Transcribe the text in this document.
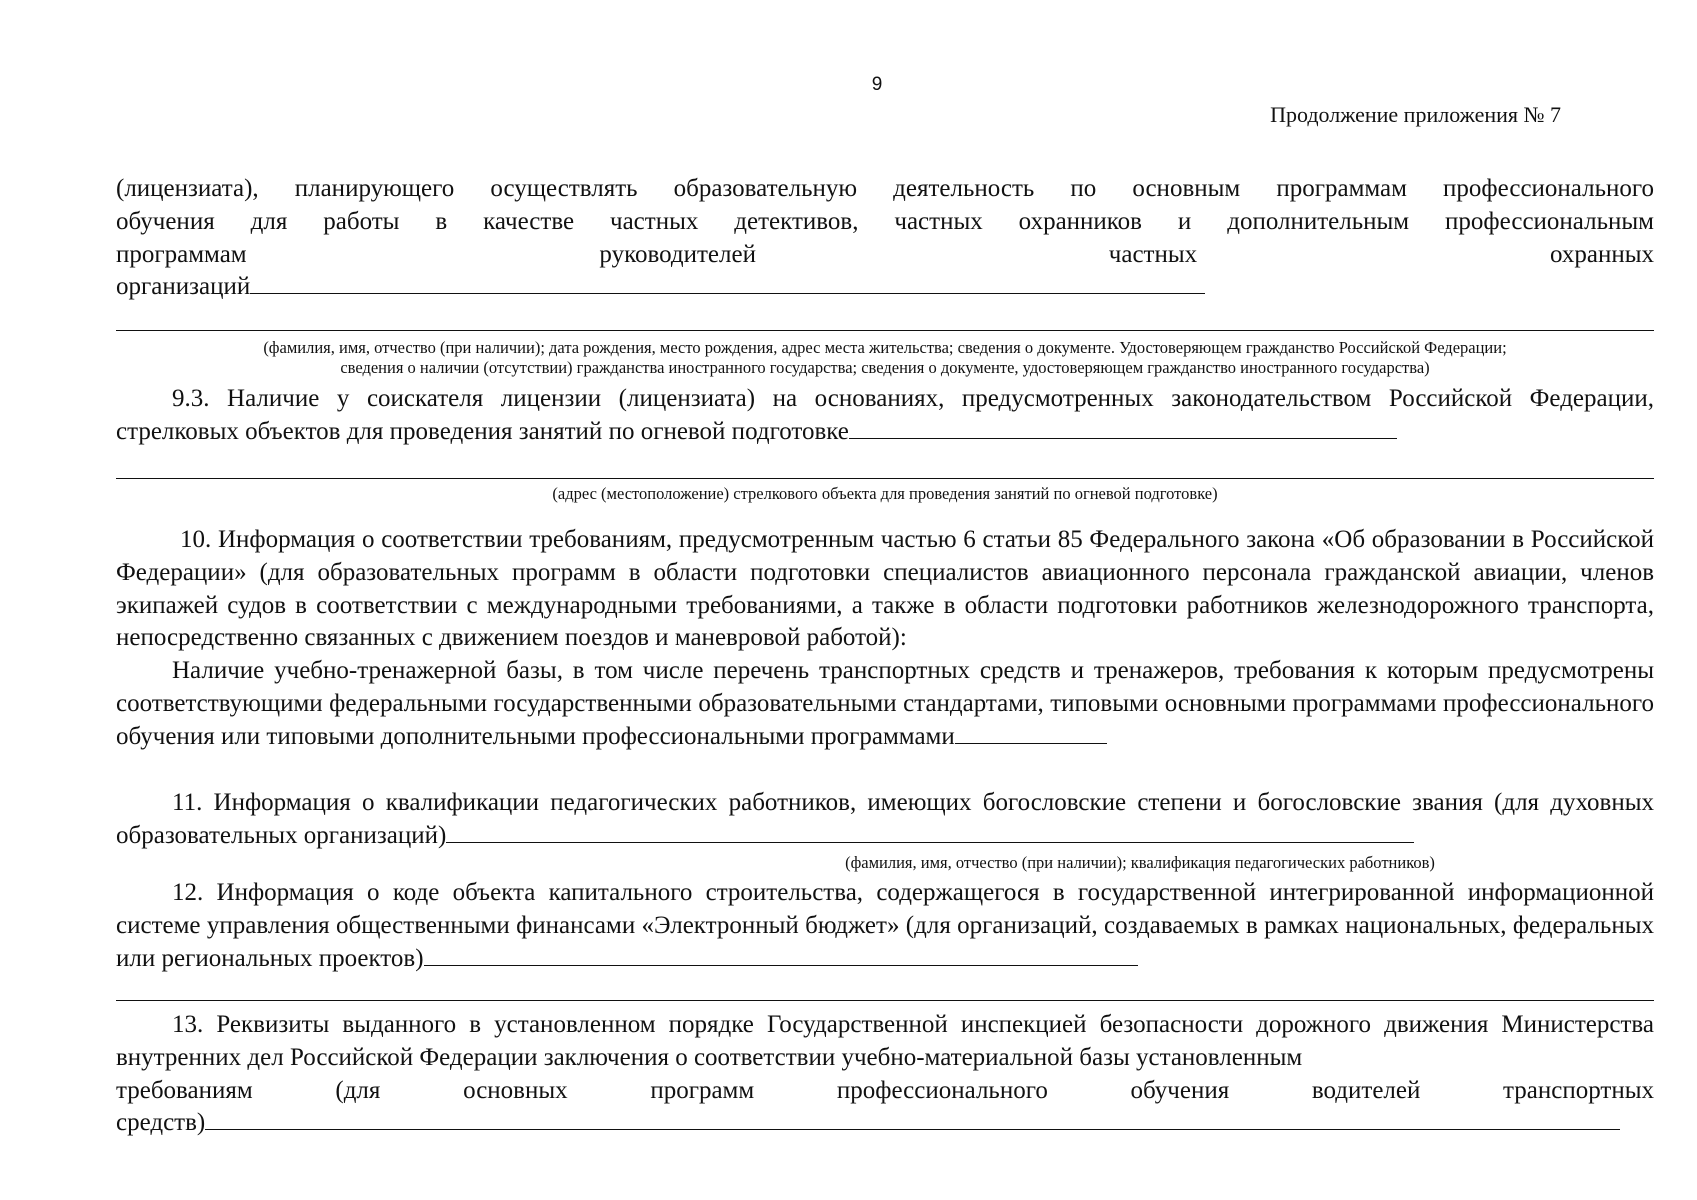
9
Продолжение приложения № 7

(лицензиата), планирующего осуществлять образовательную деятельность по основным программам профессионального

обучения для работы в качестве частных детективов, частных охранников и дополнительным профессиональным

программам руководителей частных охранных

организаций

(фамилия, имя, отчество (при наличии); дата рождения, место рождения, адрес места жительства; сведения о документе. Удостоверяющем гражданство Российской Федерации;

сведения о наличии (отсутствии) гражданства иностранного государства; сведения о документе, удостоверяющем гражданство иностранного государства)

9.3. Наличие у соискателя лицензии (лицензиата) на основаниях, предусмотренных законодательством Российской Федерации, стрелковых объектов для проведения занятий по огневой подготовке

(адрес (местоположение) стрелкового объекта для проведения занятий по огневой подготовке)

10. Информация о соответствии требованиям, предусмотренным частью 6 статьи 85 Федерального закона «Об образовании в Российской Федерации» (для образовательных программ в области подготовки специалистов авиационного персонала гражданской авиации, членов экипажей судов в соответствии с международными требованиями, а также в области подготовки работников железнодорожного транспорта, непосредственно связанных с движением поездов и маневровой работой):

Наличие учебно-тренажерной базы, в том числе перечень транспортных средств и тренажеров, требования к которым предусмотрены соответствующими федеральными государственными образовательными стандартами, типовыми основными программами профессионального обучения или типовыми дополнительными профессиональными программами

11. Информация о квалификации педагогических работников, имеющих богословские степени и богословские звания (для духовных образовательных организаций)

(фамилия, имя, отчество (при наличии); квалификация педагогических работников)

12. Информация о коде объекта капитального строительства, содержащегося в государственной интегрированной информационной системе управления общественными финансами «Электронный бюджет» (для организаций, создаваемых в рамках национальных, федеральных или региональных проектов)

13. Реквизиты выданного в установленном порядке Государственной инспекцией безопасности дорожного движения Министерства внутренних дел Российской Федерации заключения о соответствии учебно-материальной базы установленным

требованиям (для основных программ профессионального обучения водителей транспортных

средств)
